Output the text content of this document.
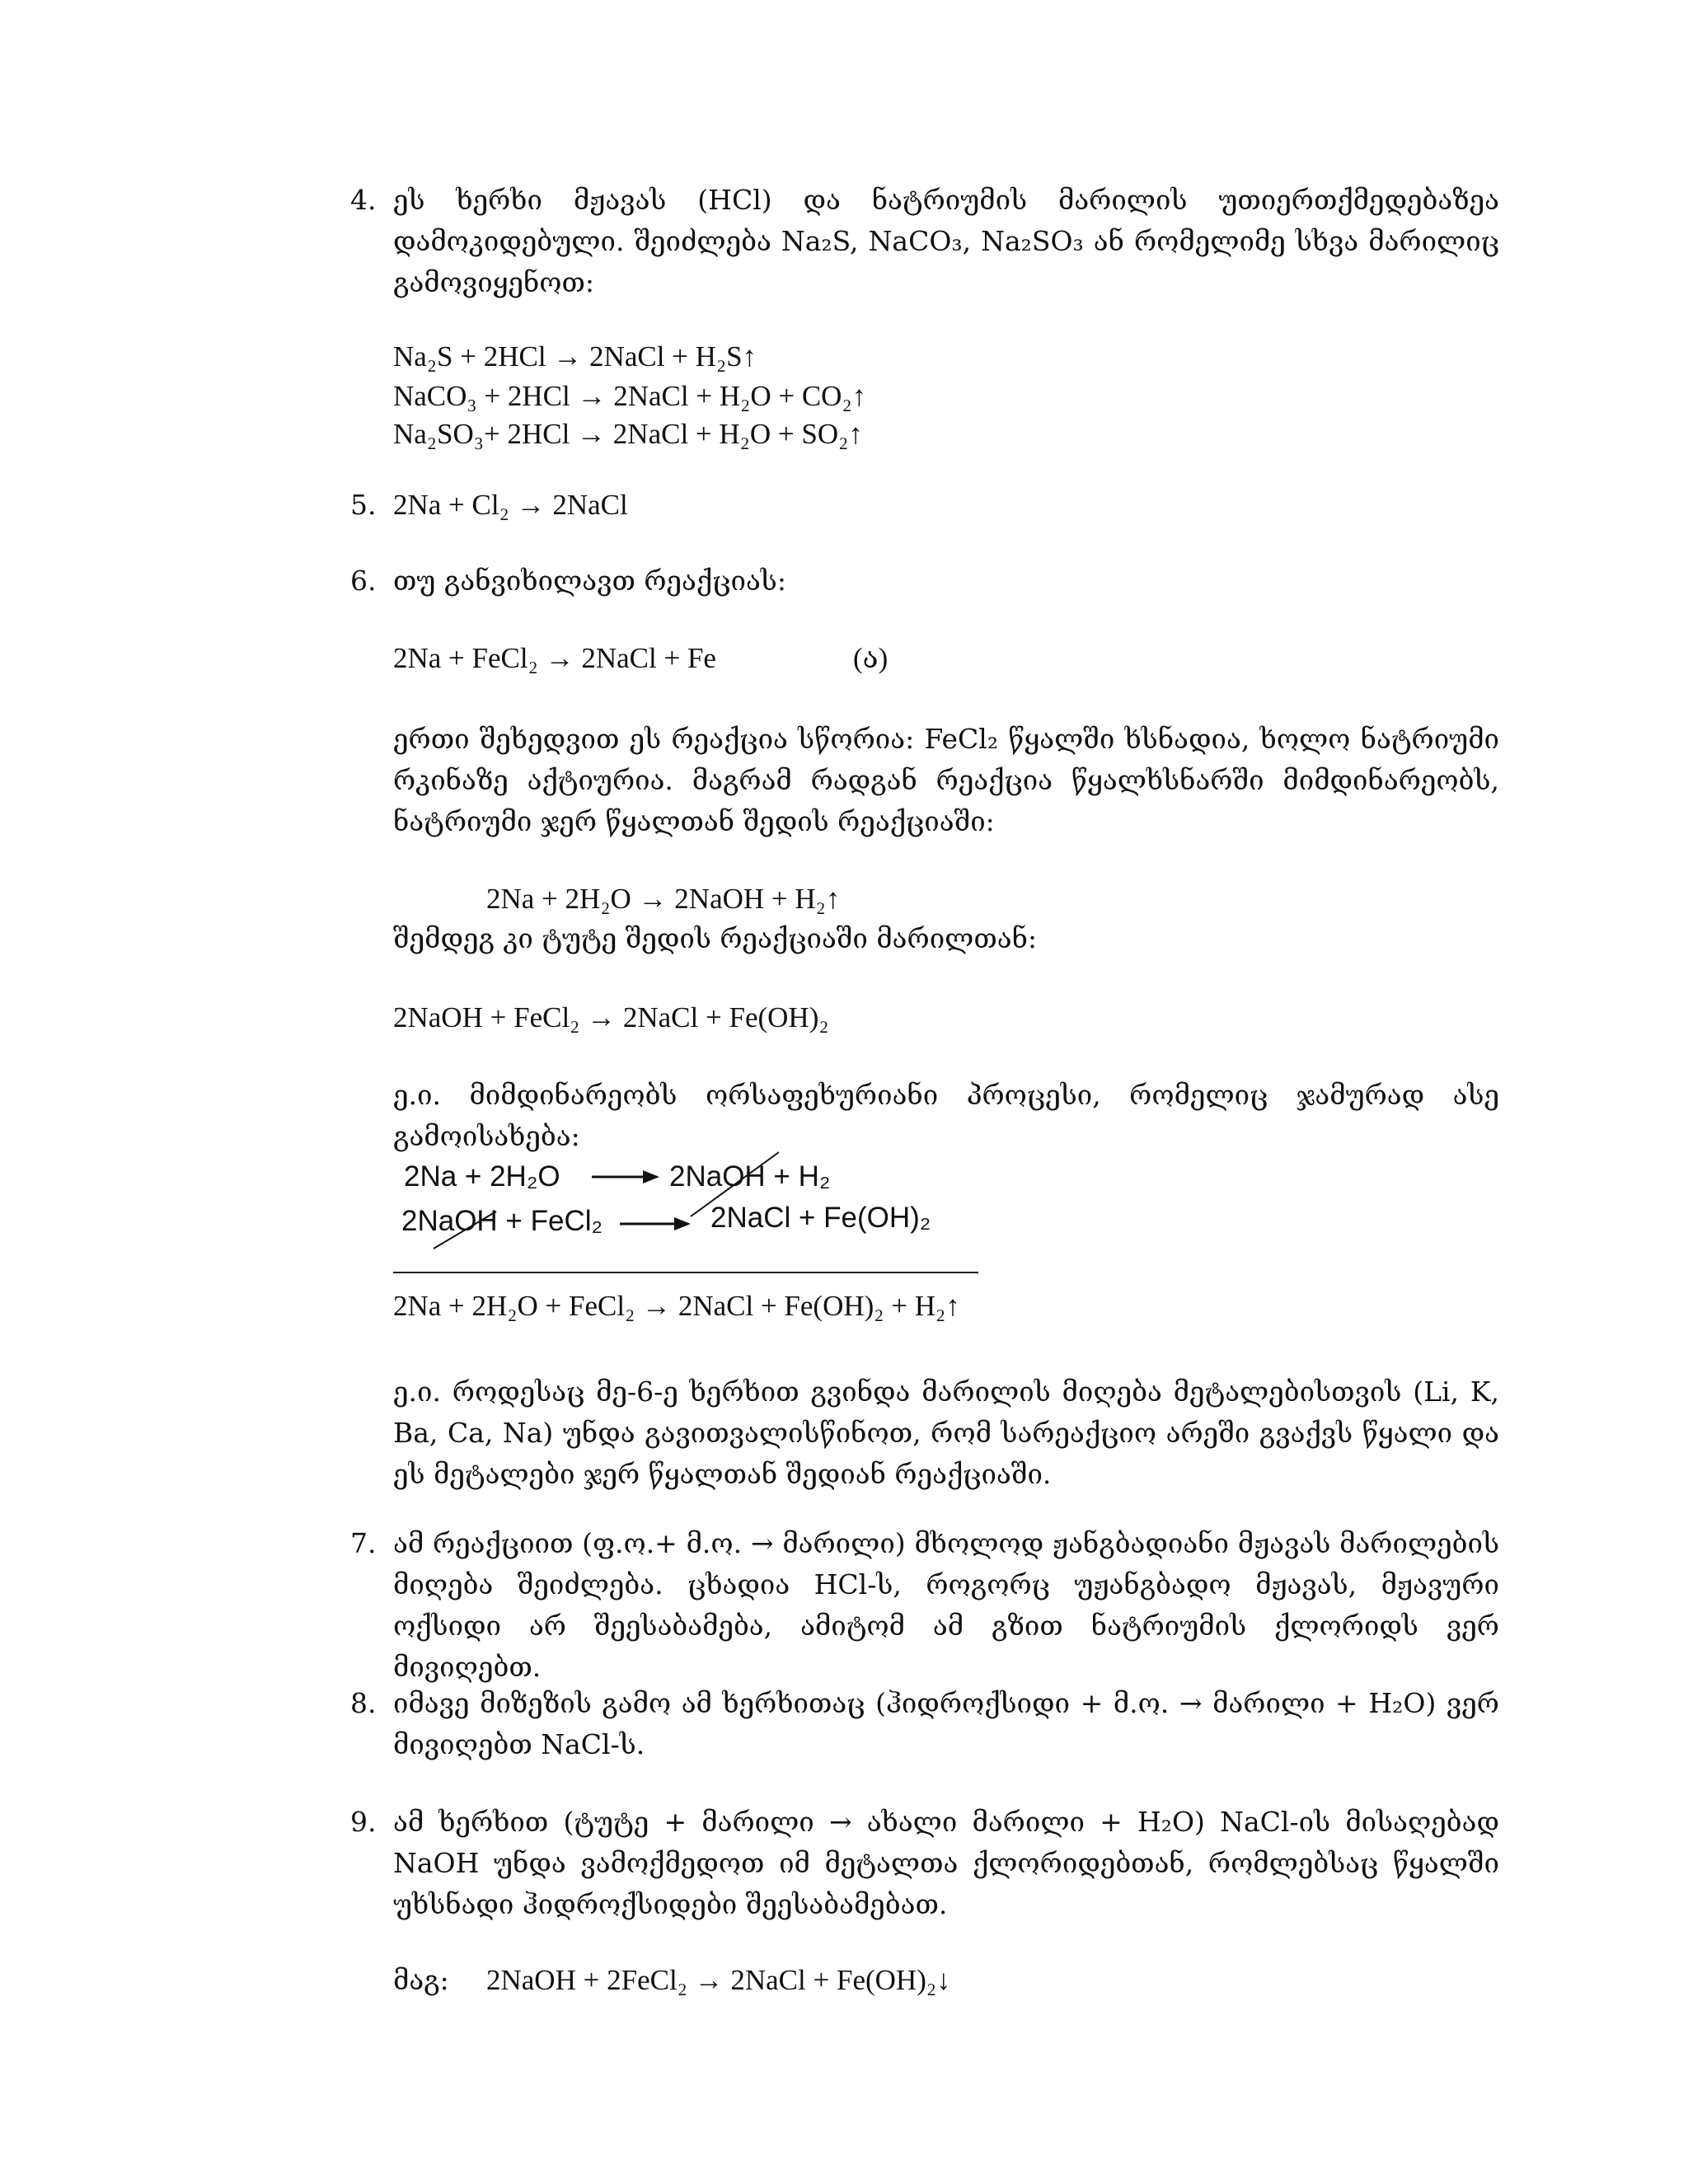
4. ეს ხერხი მჟავას (HCl) და ნატრიუმის მარილის უთიერთქმედებაზეა დამოკიდებული. შეიძლება Na₂S, NaCO₃, Na₂SO₃ ან რომელიმე სხვა მარილიც გამოვიყენოთ:
Na₂S + 2HCl → 2NaCl + H₂S↑
NaCO₃ + 2HCl → 2NaCl + H₂O + CO₂↑
Na₂SO₃+ 2HCl → 2NaCl + H₂O + SO₂↑
5. 2Na + Cl₂ → 2NaCl
6. თუ განვიხილავთ რეაქციას:
2Na + FeCl₂ → 2NaCl + Fe	(ა)
ერთი შეხედვით ეს რეაქცია სწორია: FeCl₂ წყალში ხსნადია, ხოლო ნატრიუმი რკინაზე აქტიურია. მაგრამ რადგან რეაქცია წყალხსნარში მიმდინარეობს, ნატრიუმი ჯერ წყალთან შედის რეაქციაში:
2Na + 2H₂O → 2NaOH + H₂↑
შემდეგ კი ტუტე შედის რეაქციაში მარილთან:
2NaOH + FeCl₂ → 2NaCl + Fe(OH)₂
ე.ი. მიმდინარეობს ორსაფეხურიანი პროცესი, რომელიც ჯამურად ასე გამოისახება:
2Na + 2H₂O	2NaOH + H₂
2NaOH + FeCl₂	2NaCl + Fe(OH)₂
2Na + 2H₂O + FeCl₂ → 2NaCl + Fe(OH)₂ + H₂↑
ე.ი. როდესაც მე-6-ე ხერხით გვინდა მარილის მიღება მეტალებისთვის (Li, K, Ba, Ca, Na) უნდა გავითვალისწინოთ, რომ სარეაქციო არეში გვაქვს წყალი და ეს მეტალები ჯერ წყალთან შედიან რეაქციაში.
7. ამ რეაქციით (ფ.ო.+ მ.ო. → მარილი) მხოლოდ ჟანგბადიანი მჟავას მარილების მიღება შეიძლება. ცხადია HCl-ს, როგორც უჟანგბადო მჟავას, მჟავური ოქსიდი არ შეესაბამება, ამიტომ ამ გზით ნატრიუმის ქლორიდს ვერ მივიღებთ.
8. იმავე მიზეზის გამო ამ ხერხითაც (ჰიდროქსიდი + მ.ო. → მარილი + H₂O) ვერ მივიღებთ NaCl-ს.
9. ამ ხერხით (ტუტე + მარილი → ახალი მარილი + H₂O) NaCl-ის მისაღებად NaOH უნდა ვამოქმედოთ იმ მეტალთა ქლორიდებთან, რომლებსაც წყალში უხსნადი ჰიდროქსიდები შეესაბამებათ.
მაგ: 2NaOH + 2FeCl₂ → 2NaCl + Fe(OH)₂↓
